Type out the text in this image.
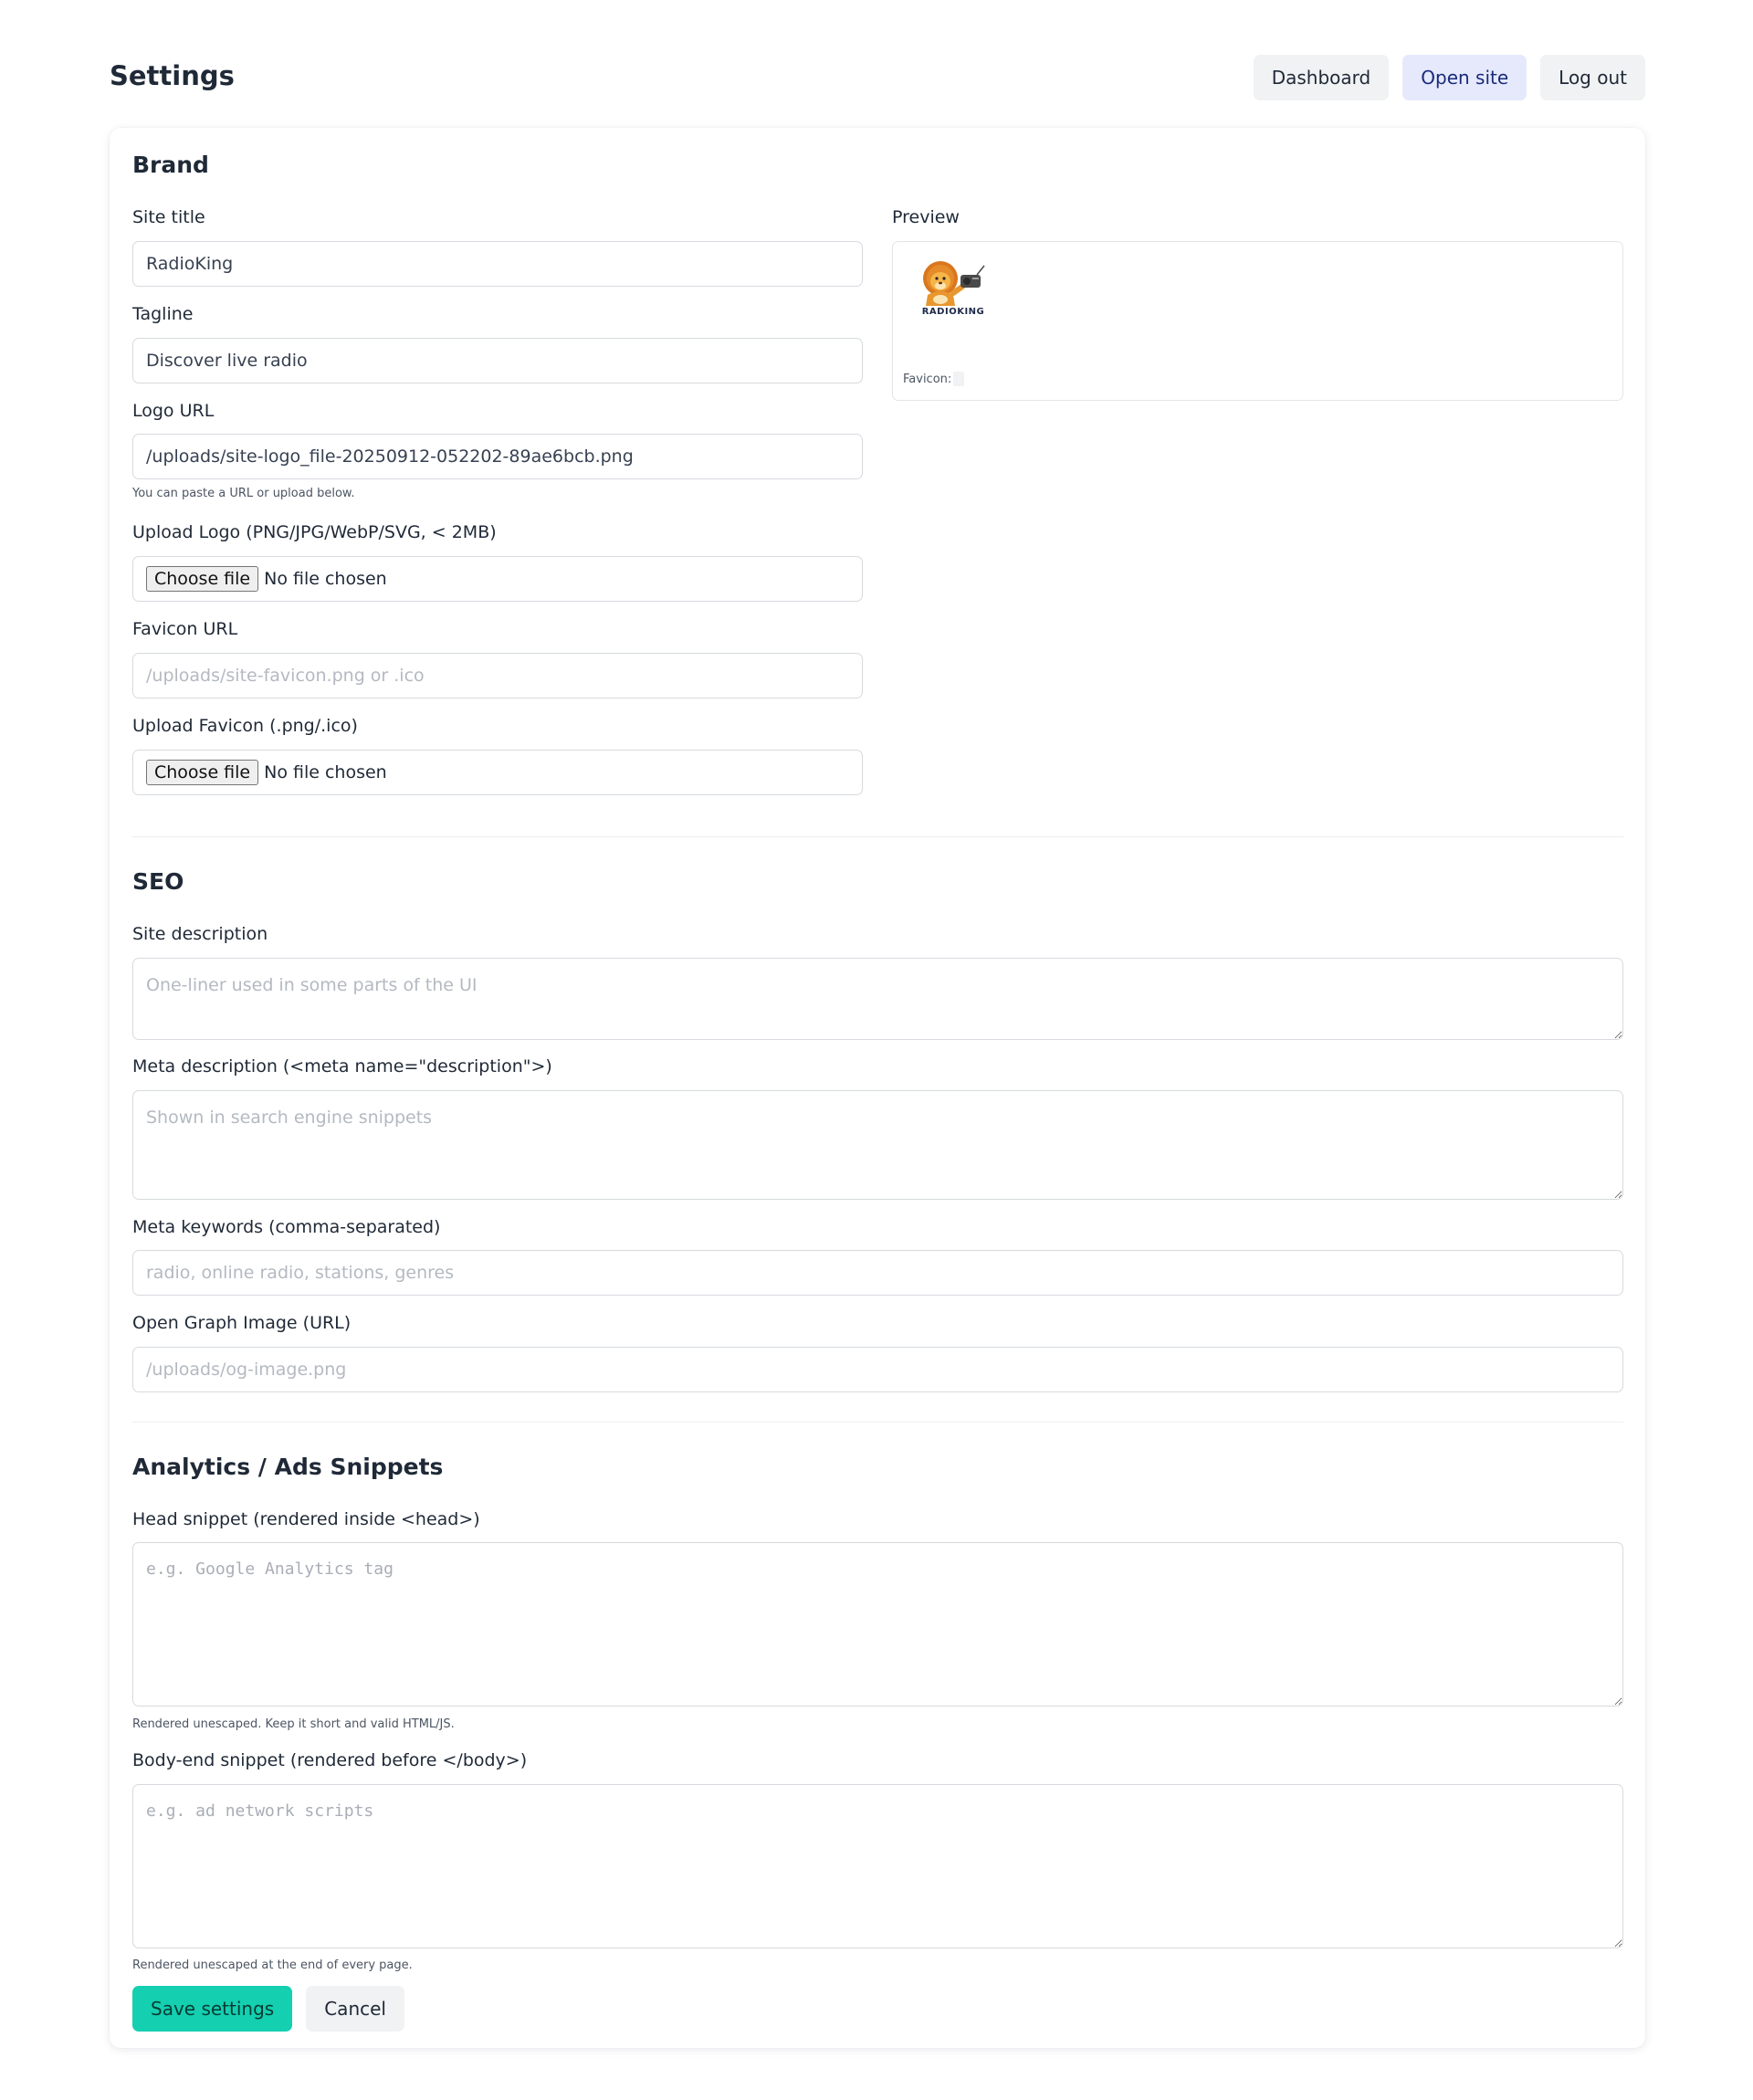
Settings	Dashboard	Open site	Log out
Brand
Site title
RadioKing
Tagline
Discover live radio
Logo URL
/uploads/site-logo_file-20250912-052202-89ae6bcb.png
You can paste a URL or upload below.
Upload Logo (PNG/JPG/WebP/SVG, < 2MB)
Choose file No file chosen
Favicon URL
/uploads/site-favicon.png or .ico
Upload Favicon (.png/.ico)
Choose file No file chosen
Preview
RADIOKING
Favicon:
SEO
Site description
One-liner used in some parts of the UI
Meta description (<meta name="description">)
Shown in search engine snippets
Meta keywords (comma-separated)
radio, online radio, stations, genres
Open Graph Image (URL)
/uploads/og-image.png
Analytics / Ads Snippets
Head snippet (rendered inside <head>)
e.g. Google Analytics tag
Rendered unescaped. Keep it short and valid HTML/JS.
Body-end snippet (rendered before </body>)
e.g. ad network scripts
Rendered unescaped at the end of every page.
Save settings	Cancel
